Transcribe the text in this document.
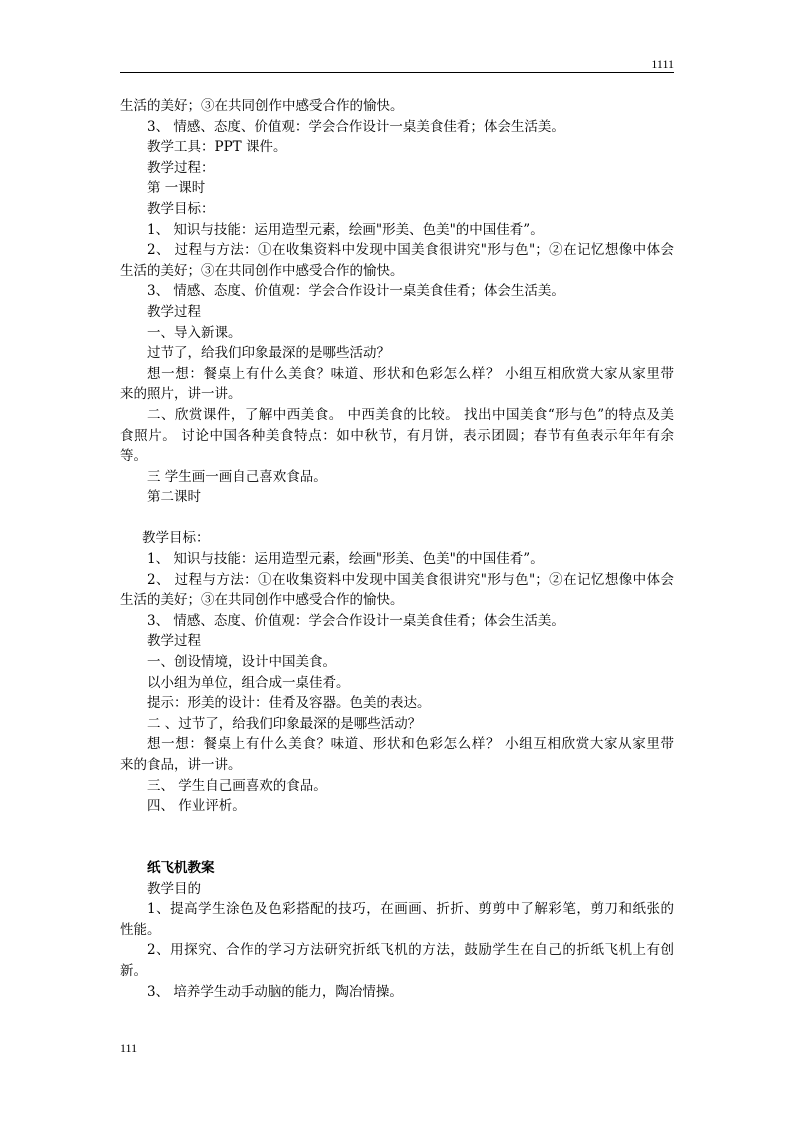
1111
生活的美好；③在共同创作中感受合作的愉快。
3、 情感、态度、价值观：学会合作设计一桌美食佳肴；体会生活美。
教学工具：PPT 课件。
教学过程：
第 一课时
教学目标：
1、 知识与技能：运用造型元素，绘画"形美、色美"的中国佳肴”。
2、 过程与方法：①在收集资料中发现中国美食很讲究"形与色"；②在记忆想像中体会
生活的美好；③在共同创作中感受合作的愉快。
3、 情感、态度、价值观：学会合作设计一桌美食佳肴；体会生活美。
教学过程
一、导入新课。
过节了，给我们印象最深的是哪些活动？
想一想：餐桌上有什么美食？味道、形状和色彩怎么样？ 小组互相欣赏大家从家里带
来的照片，讲一讲。
二、欣赏课件，了解中西美食。 中西美食的比较。 找出中国美食“形与色”的特点及美
食照片。 讨论中国各种美食特点：如中秋节，有月饼，表示团圆；春节有鱼表示年年有余
等。
三 学生画一画自己喜欢食品。
第二课时
教学目标：
1、 知识与技能：运用造型元素，绘画"形美、色美"的中国佳肴”。
2、 过程与方法：①在收集资料中发现中国美食很讲究"形与色"；②在记忆想像中体会
生活的美好；③在共同创作中感受合作的愉快。
3、 情感、态度、价值观：学会合作设计一桌美食佳肴；体会生活美。
教学过程
一、创设情境，设计中国美食。
以小组为单位，组合成一桌佳肴。
提示：形美的设计：佳肴及容器。色美的表达。
二 、过节了，给我们印象最深的是哪些活动？
想一想：餐桌上有什么美食？味道、形状和色彩怎么样？ 小组互相欣赏大家从家里带
来的食品，讲一讲。
三、 学生自己画喜欢的食品。
四、 作业评析。
纸飞机教案
教学目的
1、提高学生涂色及色彩搭配的技巧，在画画、折折、剪剪中了解彩笔，剪刀和纸张的
性能。
2、用探究、合作的学习方法研究折纸飞机的方法，鼓励学生在自己的折纸飞机上有创
新。
3、 培养学生动手动脑的能力，陶冶情操。
111
